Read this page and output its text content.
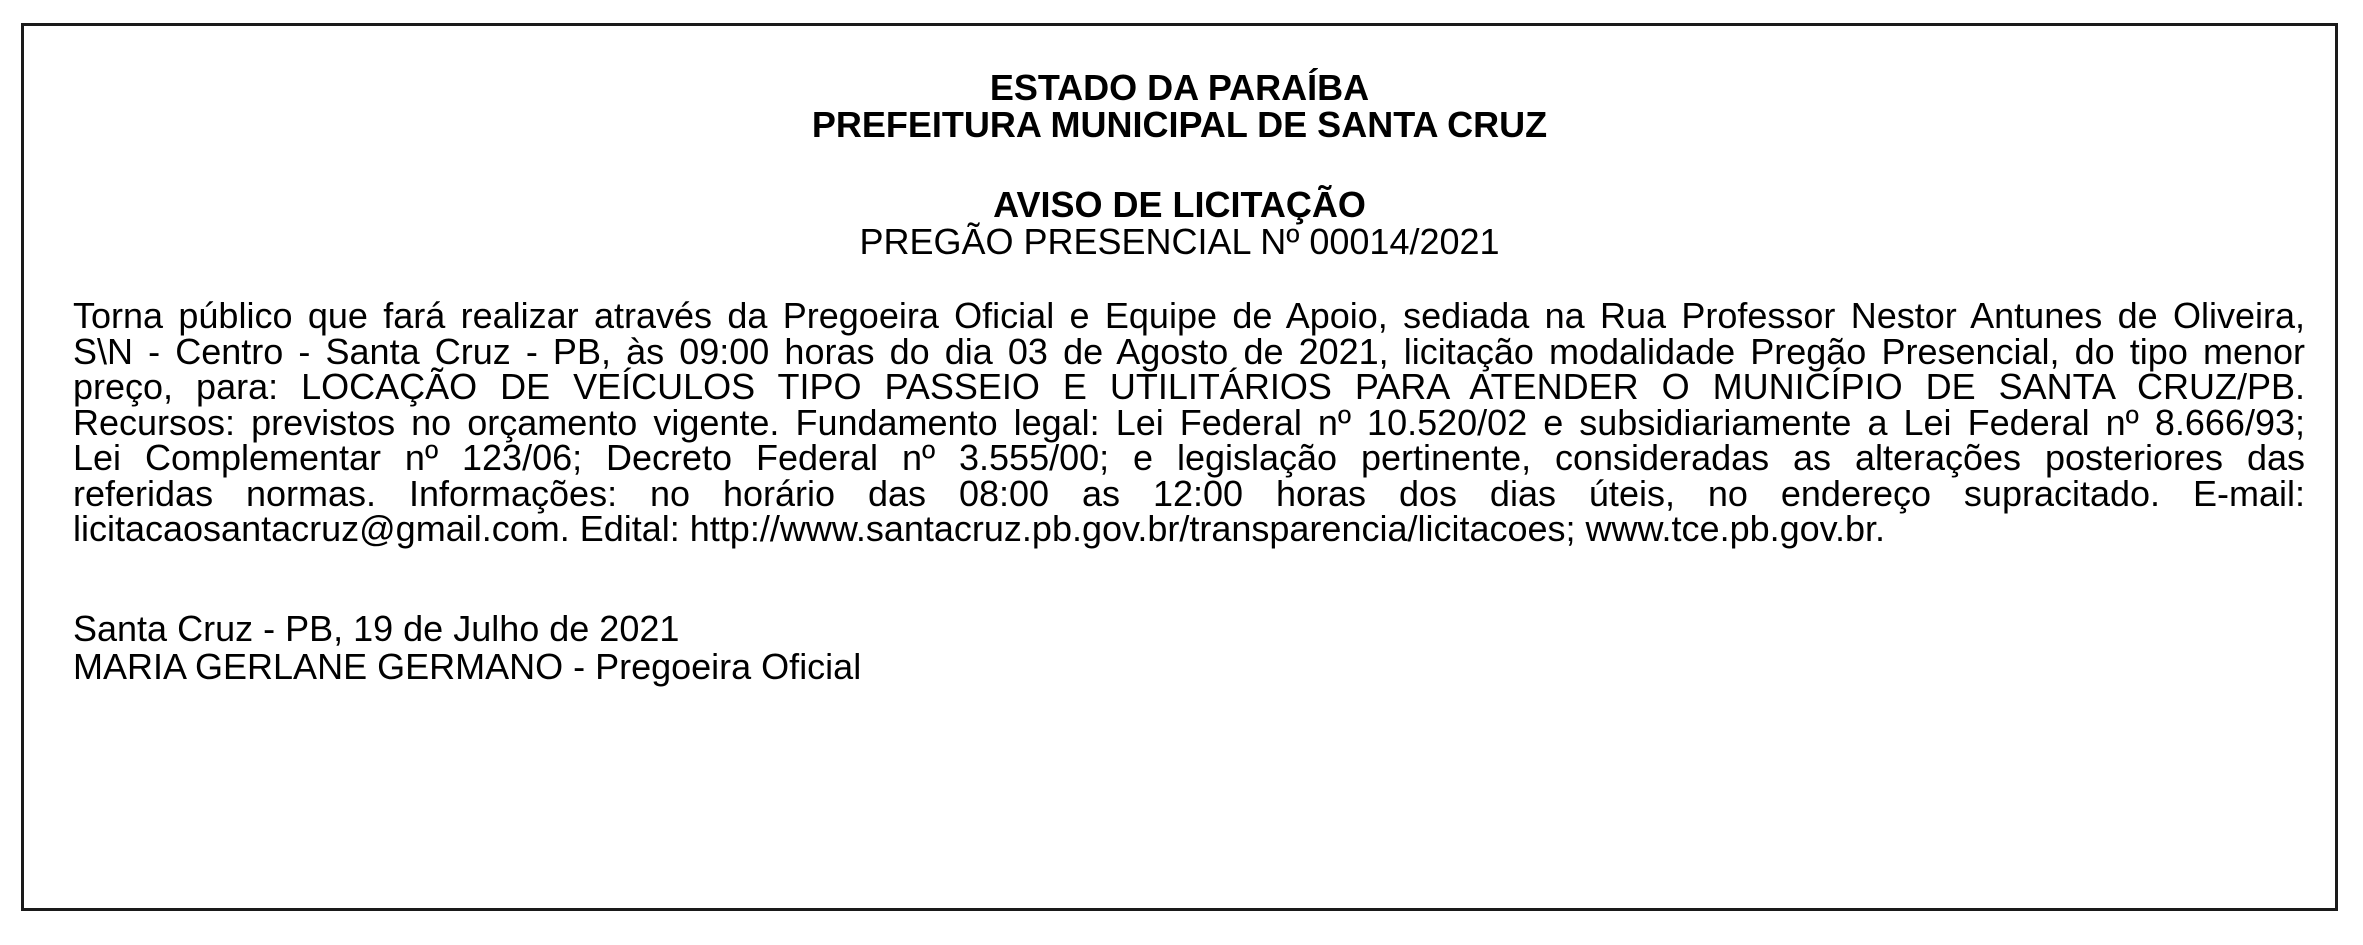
ESTADO DA PARAÍBA
PREFEITURA MUNICIPAL DE SANTA CRUZ
AVISO DE LICITAÇÃO
PREGÃO PRESENCIAL Nº 00014/2021
Torna público que fará realizar através da Pregoeira Oficial e Equipe de Apoio, sediada na Rua Professor Nestor Antunes de Oliveira,
S\N - Centro - Santa Cruz - PB, às 09:00 horas do dia 03 de Agosto de 2021, licitação modalidade Pregão Presencial, do tipo menor
preço, para: LOCAÇÃO DE VEÍCULOS TIPO PASSEIO E UTILITÁRIOS PARA ATENDER O MUNICÍPIO DE SANTA CRUZ/PB.
Recursos: previstos no orçamento vigente. Fundamento legal: Lei Federal nº 10.520/02 e subsidiariamente a Lei Federal nº 8.666/93;
Lei Complementar nº 123/06; Decreto Federal nº 3.555/00; e legislação pertinente, consideradas as alterações posteriores das
referidas normas. Informações: no horário das 08:00 as 12:00 horas dos dias úteis, no endereço supracitado. E-mail:
licitacaosantacruz@gmail.com. Edital: http://www.santacruz.pb.gov.br/transparencia/licitacoes; www.tce.pb.gov.br.
Santa Cruz - PB, 19 de Julho de 2021
MARIA GERLANE GERMANO - Pregoeira Oficial
